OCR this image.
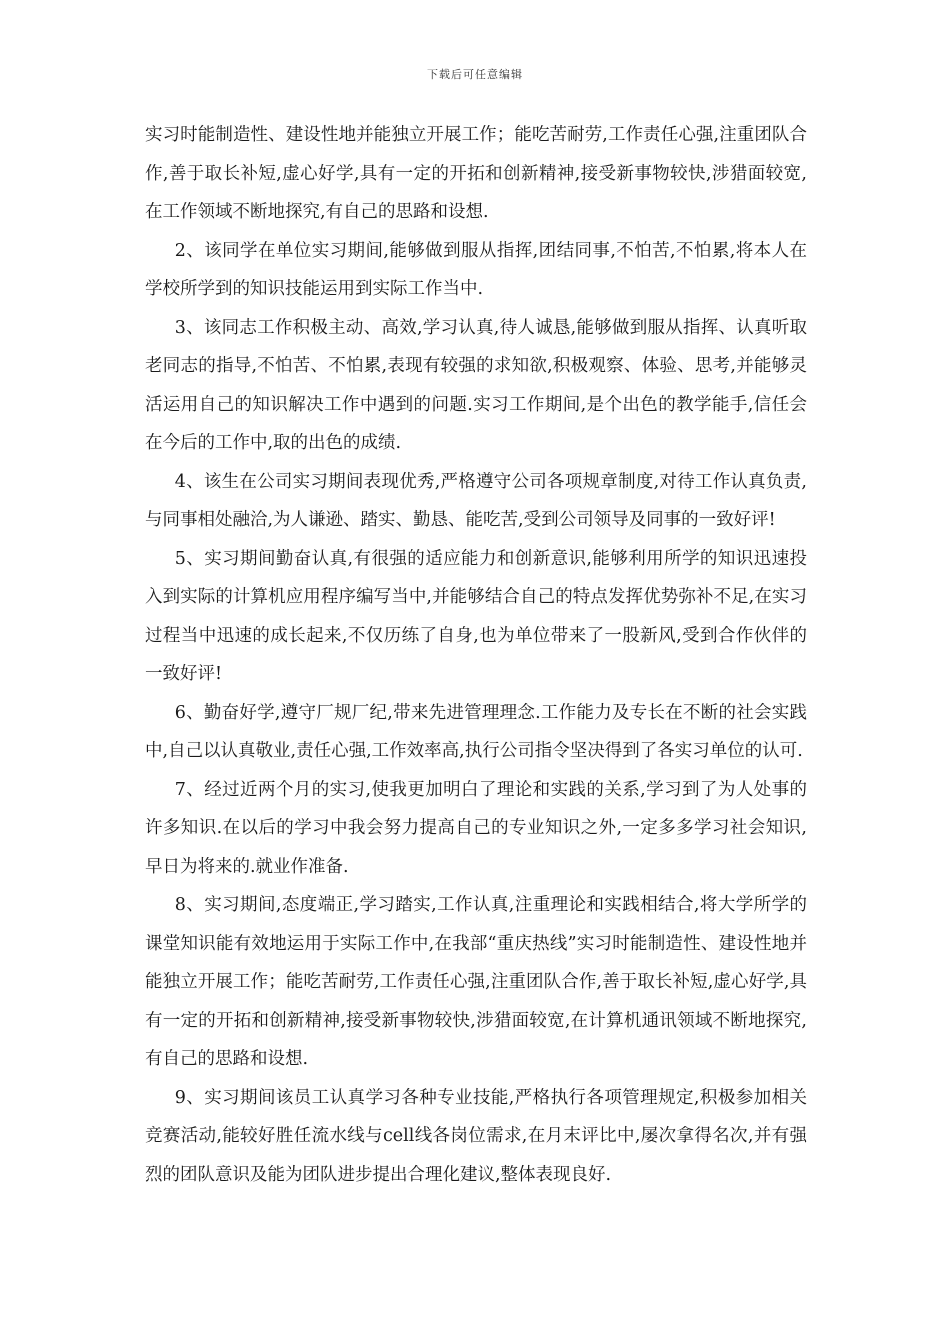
下载后可任意编辑

实习时能制造性、建设性地并能独立开展工作；能吃苦耐劳,工作责任心强,注重团队合作,善于取长补短,虚心好学,具有一定的开拓和创新精神,接受新事物较快,涉猎面较宽,在工作领域不断地探究,有自己的思路和设想.

2、该同学在单位实习期间,能够做到服从指挥,团结同事,不怕苦,不怕累,将本人在学校所学到的知识技能运用到实际工作当中.

3、该同志工作积极主动、高效,学习认真,待人诚恳,能够做到服从指挥、认真听取老同志的指导,不怕苦、不怕累,表现有较强的求知欲,积极观察、体验、思考,并能够灵活运用自己的知识解决工作中遇到的问题.实习工作期间,是个出色的教学能手,信任会在今后的工作中,取的出色的成绩.

4、该生在公司实习期间表现优秀,严格遵守公司各项规章制度,对待工作认真负责,与同事相处融洽,为人谦逊、踏实、勤恳、能吃苦,受到公司领导及同事的一致好评!

5、实习期间勤奋认真,有很强的适应能力和创新意识,能够利用所学的知识迅速投入到实际的计算机应用程序编写当中,并能够结合自己的特点发挥优势弥补不足,在实习过程当中迅速的成长起来,不仅历练了自身,也为单位带来了一股新风,受到合作伙伴的一致好评!

6、勤奋好学,遵守厂规厂纪,带来先进管理理念.工作能力及专长在不断的社会实践中,自己以认真敬业,责任心强,工作效率高,执行公司指令坚决得到了各实习单位的认可.

7、经过近两个月的实习,使我更加明白了理论和实践的关系,学习到了为人处事的许多知识.在以后的学习中我会努力提高自己的专业知识之外,一定多多学习社会知识,早日为将来的.就业作准备.

8、实习期间,态度端正,学习踏实,工作认真,注重理论和实践相结合,将大学所学的课堂知识能有效地运用于实际工作中,在我部“重庆热线”实习时能制造性、建设性地并能独立开展工作；能吃苦耐劳,工作责任心强,注重团队合作,善于取长补短,虚心好学,具有一定的开拓和创新精神,接受新事物较快,涉猎面较宽,在计算机通讯领域不断地探究,有自己的思路和设想.

9、实习期间该员工认真学习各种专业技能,严格执行各项管理规定,积极参加相关竞赛活动,能较好胜任流水线与cell线各岗位需求,在月末评比中,屡次拿得名次,并有强烈的团队意识及能为团队进步提出合理化建议,整体表现良好.
